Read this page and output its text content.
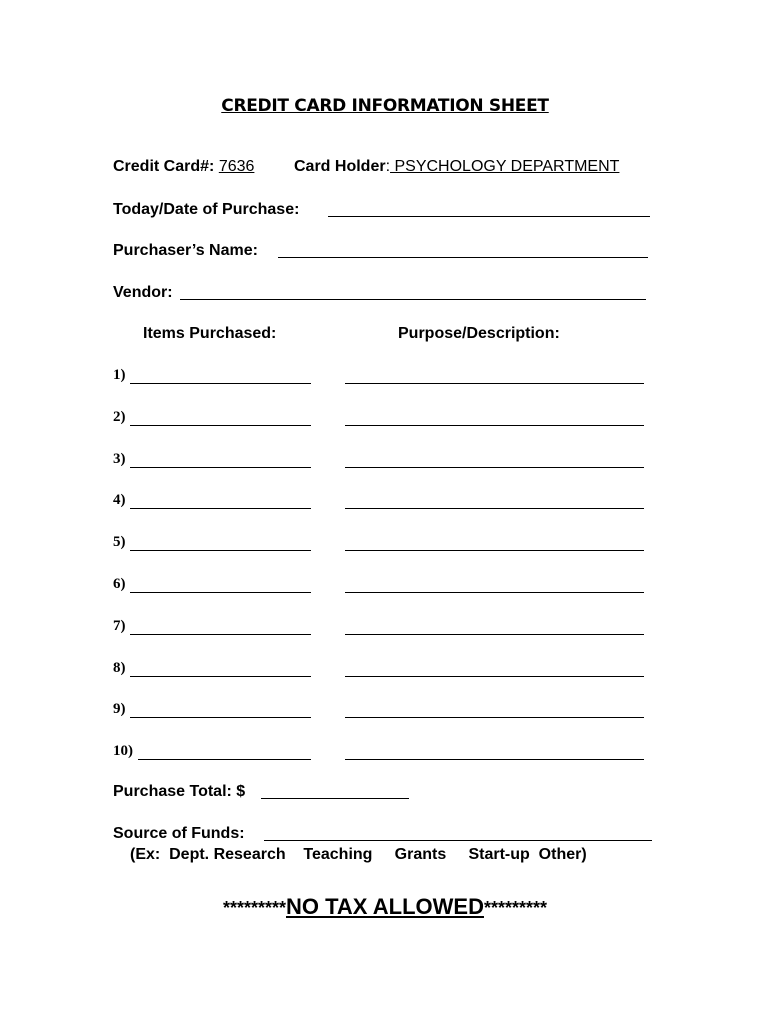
CREDIT CARD INFORMATION SHEET
Credit Card#: 7636 Card Holder: PSYCHOLOGY DEPARTMENT
Today/Date of Purchase:
Purchaser’s Name:
Vendor:
Items Purchased:	Purpose/Description:
1)
2)
3)
4)
5)
6)
7)
8)
9)
10)
Purchase Total: $
Source of Funds:
(Ex:  Dept. Research    Teaching     Grants     Start-up  Other)
*********NO TAX ALLOWED*********
